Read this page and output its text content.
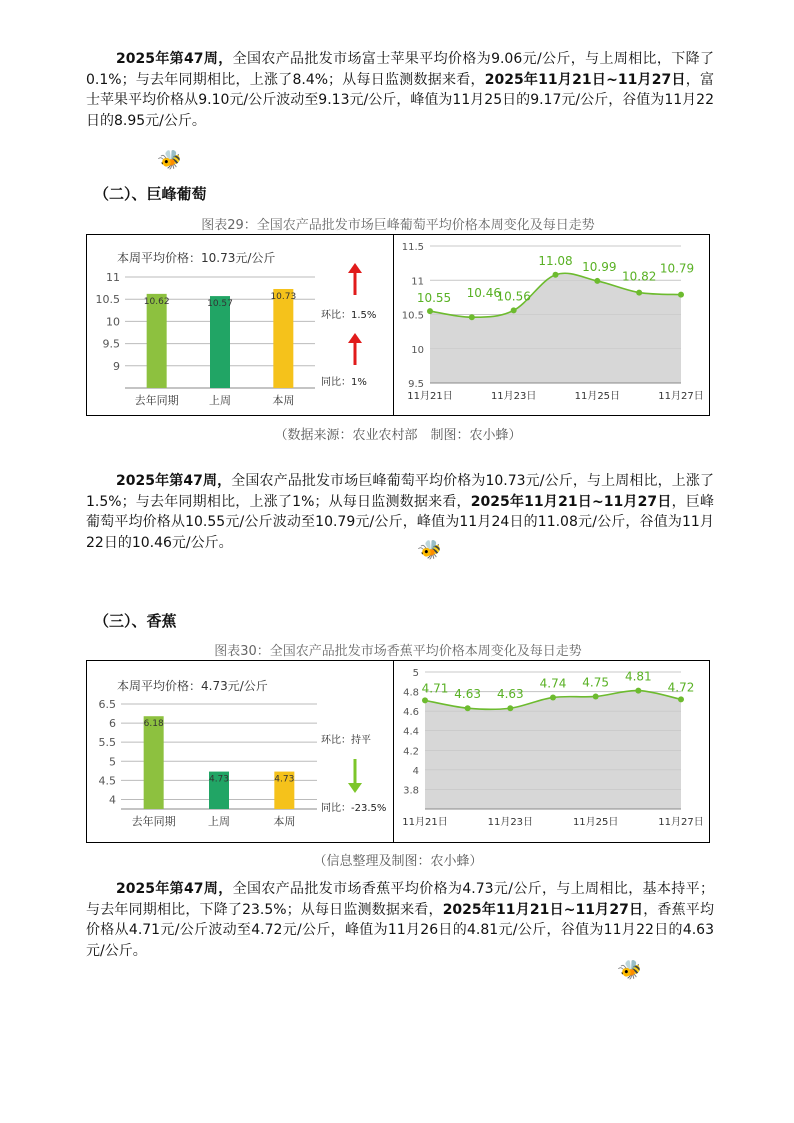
🐝
🐝
🐝

2025年第47周，全国农产品批发市场富士苹果平均价格为9.06元/公斤，与上周相比，下降了0.1%；与去年同期相比，上涨了8.4%；从每日监测数据来看，2025年11月21日~11月27日，富士苹果平均价格从9.10元/公斤波动至9.13元/公斤，峰值为11月25日的9.17元/公斤，谷值为11月22日的8.95元/公斤。

（二）、巨峰葡萄

图表29：全国农产品批发市场巨峰葡萄平均价格本周变化及每日走势

本周平均价格：10.73元/公斤
9
9.5
10
10.5
11
10.62
去年同期
10.57
上周
10.73
本周
环比：1.5%
同比：1%	9.5
10
10.5
11
11.5
10.55 10.46
10.56
11.08 10.99
10.82
10.79
11月21日	11月23日	11月25日	11月27日

（数据来源：农业农村部　制图：农小蜂）

2025年第47周，全国农产品批发市场巨峰葡萄平均价格为10.73元/公斤，与上周相比，上涨了1.5%；与去年同期相比，上涨了1%；从每日监测数据来看，2025年11月21日~11月27日，巨峰葡萄平均价格从10.55元/公斤波动至10.79元/公斤，峰值为11月24日的11.08元/公斤，谷值为11月22日的10.46元/公斤。

（三）、香蕉

图表30：全国农产品批发市场香蕉平均价格本周变化及每日走势

本周平均价格：4.73元/公斤
4
4.5
5
5.5
6
6.5
6.18
去年同期
4.73
上周
4.73
本周
环比：持平
同比：-23.5%
3.8
4
4.2
4.4
4.6
4.8
5
4.71 4.63 4.63
4.74 4.75 4.81
4.72
11月21日	11月23日	11月25日	11月27日

（信息整理及制图：农小蜂）

2025年第47周，全国农产品批发市场香蕉平均价格为4.73元/公斤，与上周相比，基本持平；与去年同期相比，下降了23.5%；从每日监测数据来看，2025年11月21日~11月27日，香蕉平均价格从4.71元/公斤波动至4.72元/公斤，峰值为11月26日的4.81元/公斤，谷值为11月22日的4.63元/公斤。
